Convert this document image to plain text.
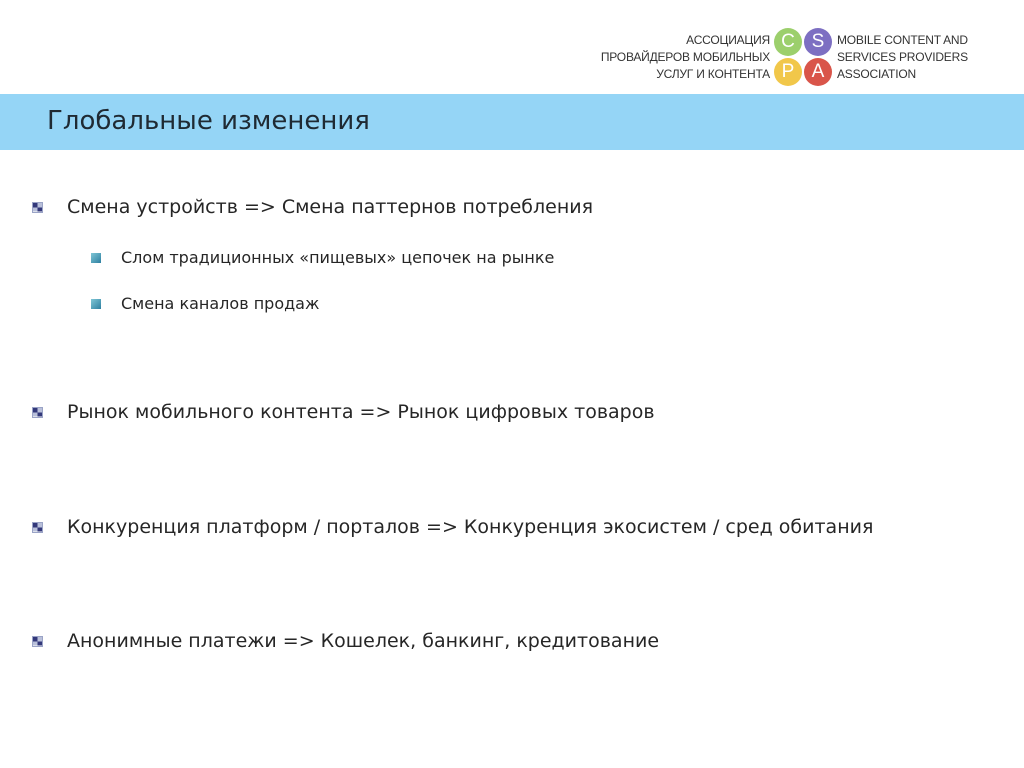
АССОЦИАЦИЯ
ПРОВАЙДЕРОВ МОБИЛЬНЫХ
УСЛУГ И КОНТЕНТА
C S
P A
MOBILE CONTENT AND
SERVICES PROVIDERS
ASSOCIATION
Глобальные изменения
Смена устройств => Смена паттернов потребления
Слом традиционных «пищевых» цепочек на рынке
Смена каналов продаж
Рынок мобильного контента => Рынок цифровых товаров
Конкуренция платформ / порталов => Конкуренция экосистем / сред обитания
Анонимные платежи => Кошелек, банкинг, кредитование
